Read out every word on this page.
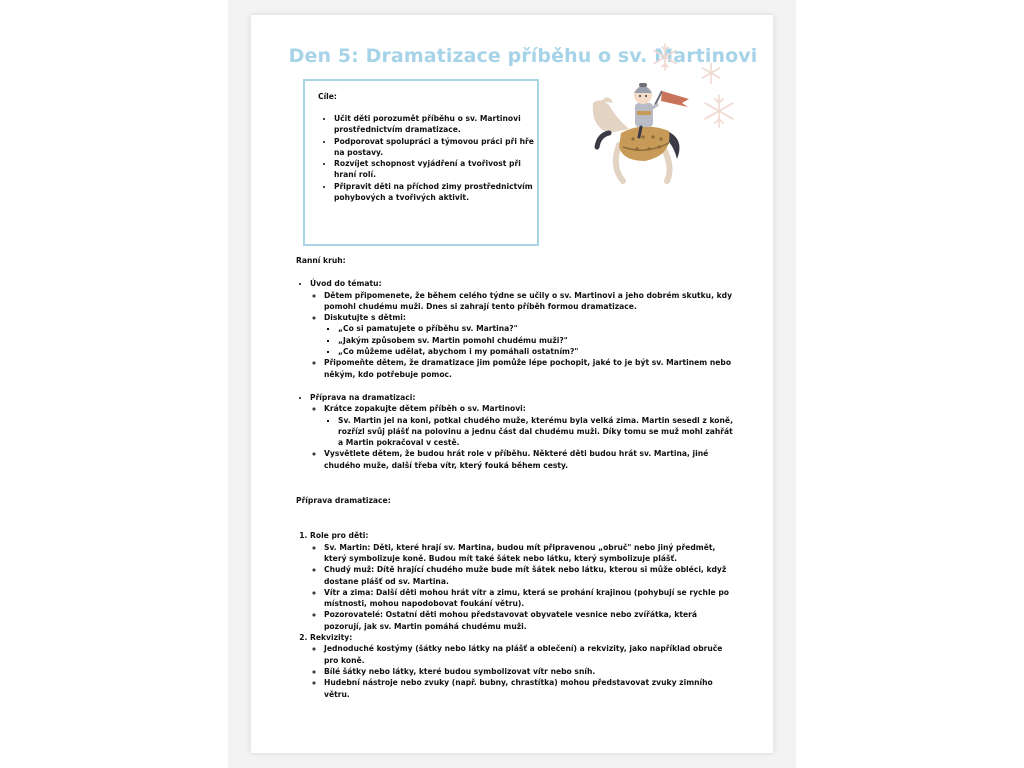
Den 5: Dramatizace příběhu o sv. Martinovi
Cíle:
• Učit děti porozumět příběhu o sv. Martinovi prostřednictvím dramatizace.
• Podporovat spolupráci a týmovou práci při hře na postavy.
• Rozvíjet schopnost vyjádření a tvořivost při hraní rolí.
• Připravit děti na příchod zimy prostřednictvím pohybových a tvořivých aktivit.

Ranní kruh:

• Úvod do tématu:
◦ Dětem připomenete, že během celého týdne se učily o sv. Martinovi a jeho dobrém skutku, kdy pomohl chudému muži. Dnes si zahrají tento příběh formou dramatizace.
◦ Diskutujte s dětmi:
▪ „Co si pamatujete o příběhu sv. Martina?"
▪ „Jakým způsobem sv. Martin pomohl chudému muži?"
▪ „Co můžeme udělat, abychom i my pomáhali ostatním?"
◦ Připomeňte dětem, že dramatizace jim pomůže lépe pochopit, jaké to je být sv. Martinem nebo někým, kdo potřebuje pomoc.
• Příprava na dramatizaci:
◦ Krátce zopakujte dětem příběh o sv. Martinovi:
▪ Sv. Martin jel na koni, potkal chudého muže, kterému byla velká zima. Martin sesedl z koně, rozřízl svůj plášť na polovinu a jednu část dal chudému muži. Díky tomu se muž mohl zahřát a Martin pokračoval v cestě.
◦ Vysvětlete dětem, že budou hrát role v příběhu. Některé děti budou hrát sv. Martina, jiné chudého muže, další třeba vítr, který fouká během cesty.

Příprava dramatizace:

1. Role pro děti:
◦ Sv. Martin: Děti, které hrají sv. Martina, budou mít připravenou „obruč" nebo jiný předmět, který symbolizuje koně. Budou mít také šátek nebo látku, který symbolizuje plášť.
◦ Chudý muž: Dítě hrající chudého muže bude mít šátek nebo látku, kterou si může obléci, když dostane plášť od sv. Martina.
◦ Vítr a zima: Další děti mohou hrát vítr a zimu, která se prohání krajinou (pohybují se rychle po místnosti, mohou napodobovat foukání větru).
◦ Pozorovatelé: Ostatní děti mohou představovat obyvatele vesnice nebo zvířátka, která pozorují, jak sv. Martin pomáhá chudému muži.
2. Rekvizity:
◦ Jednoduché kostýmy (šátky nebo látky na plášť a oblečení) a rekvizity, jako například obruče pro koně.
◦ Bílé šátky nebo látky, které budou symbolizovat vítr nebo sníh.
◦ Hudební nástroje nebo zvuky (např. bubny, chrastítka) mohou představovat zvuky zimního větru.
